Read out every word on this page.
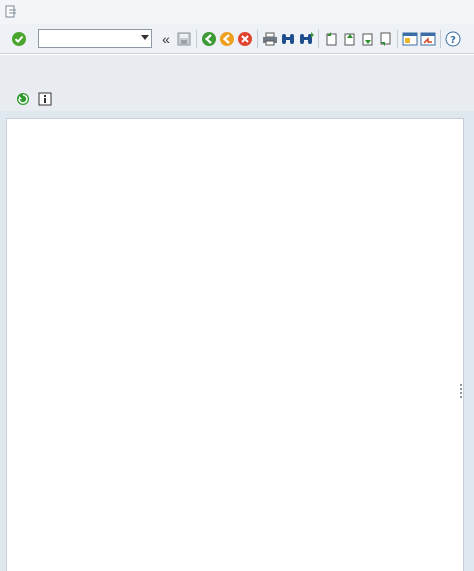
«	?
